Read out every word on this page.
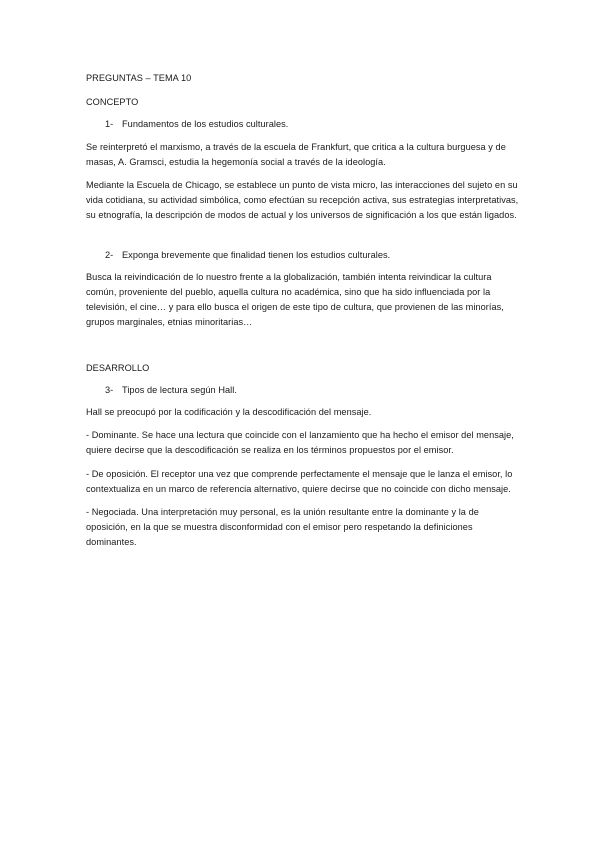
PREGUNTAS – TEMA 10

CONCEPTO

1- Fundamentos de los estudios culturales.

Se reinterpretó el marxismo, a través de la escuela de Frankfurt, que critica a la cultura burguesa y de masas, A. Gramsci, estudia la hegemonía social a través de la ideología.

Mediante la Escuela de Chicago, se establece un punto de vista micro, las interacciones del sujeto en su vida cotidiana, su actividad simbólica, como efectúan su recepción activa, sus estrategias interpretativas, su etnografía, la descripción de modos de actual y los universos de significación a los que están ligados.

2- Exponga brevemente que finalidad tienen los estudios culturales.

Busca la reivindicación de lo nuestro frente a la globalización, también intenta reivindicar la cultura común, proveniente del pueblo, aquella cultura no académica, sino que ha sido influenciada por la televisión, el cine… y para ello busca el origen de este tipo de cultura, que provienen de las minorías, grupos marginales, etnias minoritarias…

DESARROLLO

3- Tipos de lectura según Hall.

Hall se preocupó por la codificación y la descodificación del mensaje.

- Dominante. Se hace una lectura que coincide con el lanzamiento que ha hecho el emisor del mensaje, quiere decirse que la descodificación se realiza en los términos propuestos por el emisor.

- De oposición. El receptor una vez que comprende perfectamente el mensaje que le lanza el emisor, lo contextualiza en un marco de referencia alternativo, quiere decirse que no coincide con dicho mensaje.

- Negociada. Una interpretación muy personal, es la unión resultante entre la dominante y la de oposición, en la que se muestra disconformidad con el emisor pero respetando la definiciones dominantes.
